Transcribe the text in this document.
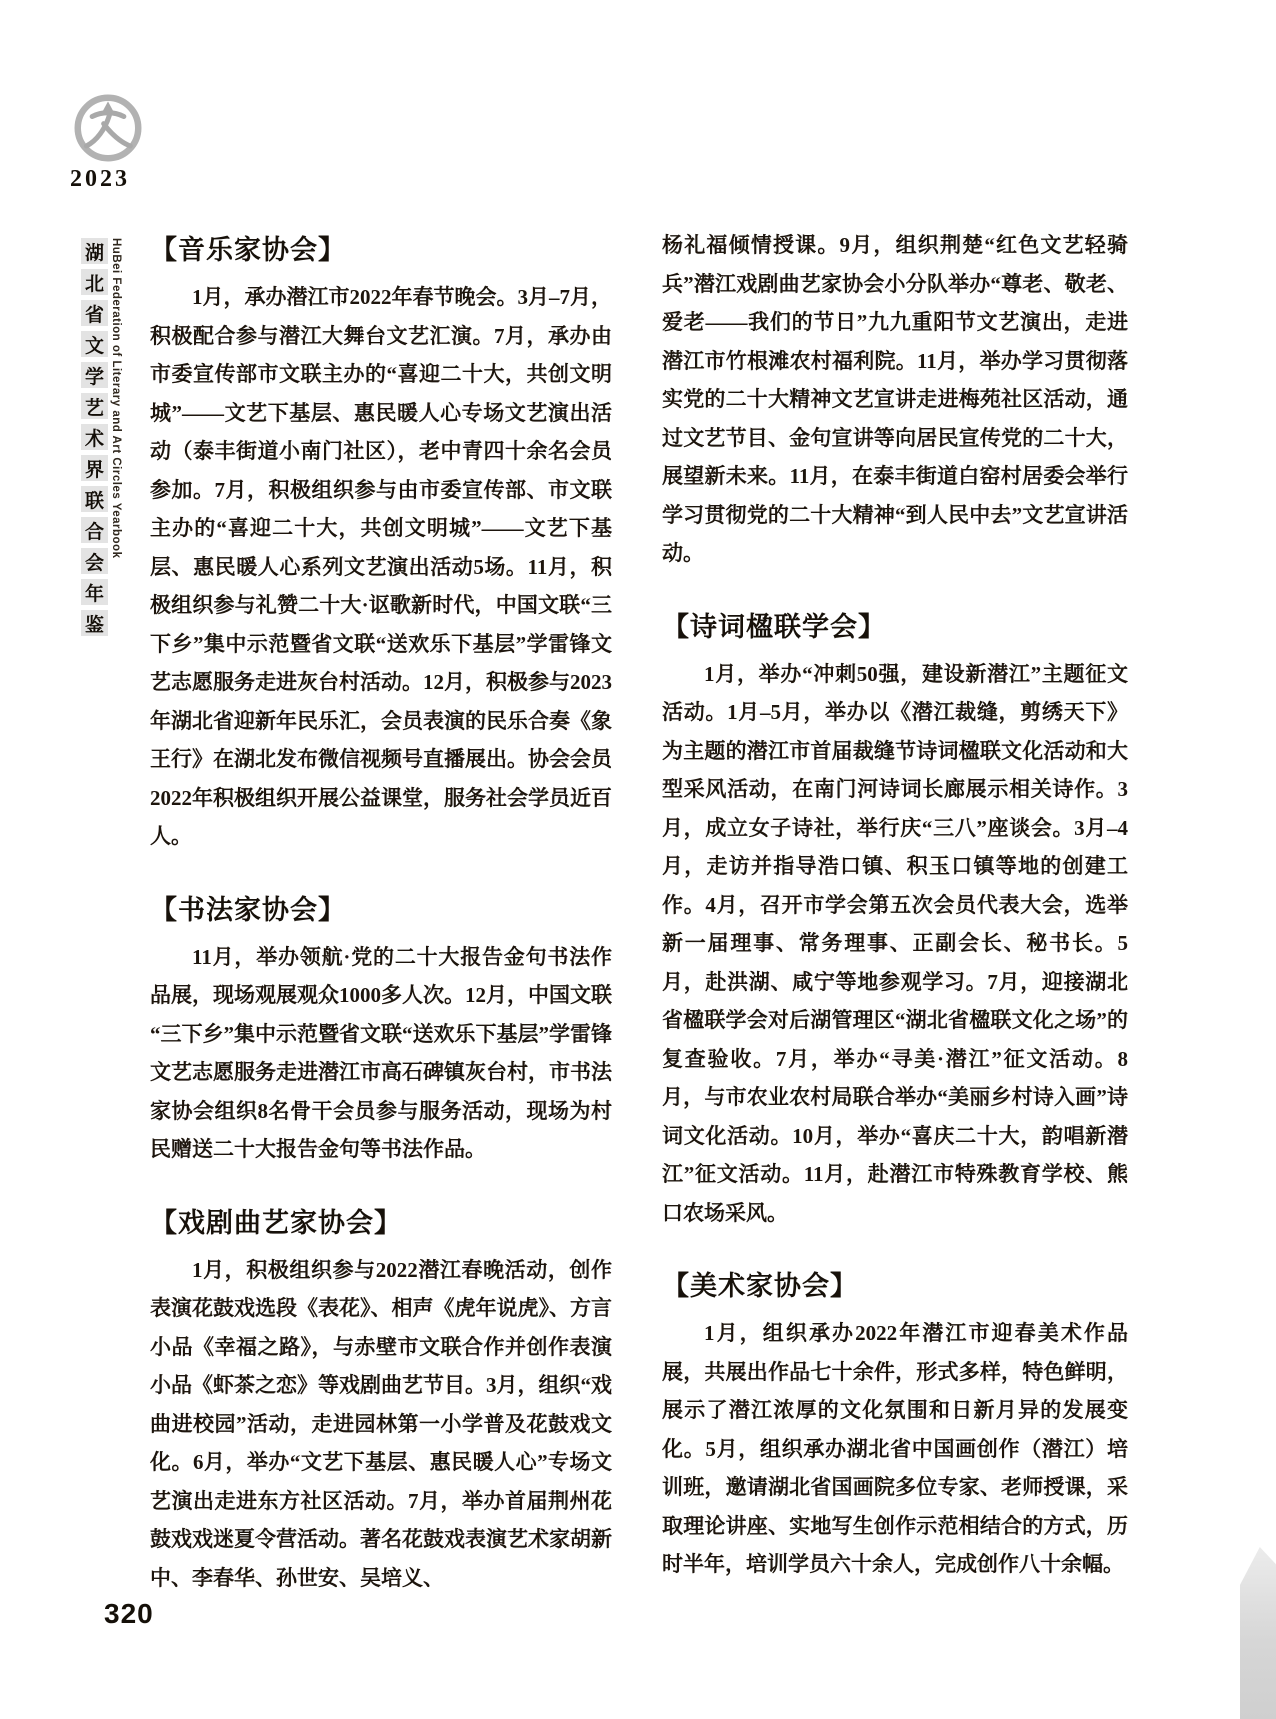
2023
湖
北
省
文
学
艺
术
界
联
合
会
年
鉴
HuBei Federation of Literary and Art Circles Yearbook 【音乐家协会】

1月，承办潜江市2022年春节晚会。3月–7月，积极配合参与潜江大舞台文艺汇演。7月，承办由市委宣传部市文联主办的“喜迎二十大，共创文明城”——文艺下基层、惠民暖人心专场文艺演出活动（泰丰街道小南门社区），老中青四十余名会员参加。7月，积极组织参与由市委宣传部、市文联主办的“喜迎二十大，共创文明城”——文艺下基层、惠民暖人心系列文艺演出活动5场。11月，积极组织参与礼赞二十大·讴歌新时代，中国文联“三下乡”集中示范暨省文联“送欢乐下基层”学雷锋文艺志愿服务走进灰台村活动。12月，积极参与2023年湖北省迎新年民乐汇，会员表演的民乐合奏《象王行》在湖北发布微信视频号直播展出。协会会员2022年积极组织开展公益课堂，服务社会学员近百人。

【书法家协会】

11月，举办领航·党的二十大报告金句书法作品展，现场观展观众1000多人次。12月，中国文联“三下乡”集中示范暨省文联“送欢乐下基层”学雷锋文艺志愿服务走进潜江市高石碑镇灰台村，市书法家协会组织8名骨干会员参与服务活动，现场为村民赠送二十大报告金句等书法作品。

【戏剧曲艺家协会】

1月，积极组织参与2022潜江春晚活动，创作表演花鼓戏选段《表花》、相声《虎年说虎》、方言小品《幸福之路》，与赤壁市文联合作并创作表演小品《虾茶之恋》等戏剧曲艺节目。3月，组织“戏曲进校园”活动，走进园林第一小学普及花鼓戏文化。6月，举办“文艺下基层、惠民暖人心”专场文艺演出走进东方社区活动。7月，举办首届荆州花鼓戏戏迷夏令营活动。著名花鼓戏表演艺术家胡新中、李春华、孙世安、吴培义、

杨礼福倾情授课。9月，组织荆楚“红色文艺轻骑兵”潜江戏剧曲艺家协会小分队举办“尊老、敬老、爱老——我们的节日”九九重阳节文艺演出，走进潜江市竹根滩农村福利院。11月，举办学习贯彻落实党的二十大精神文艺宣讲走进梅苑社区活动，通过文艺节目、金句宣讲等向居民宣传党的二十大，展望新未来。11月，在泰丰街道白窑村居委会举行学习贯彻党的二十大精神“到人民中去”文艺宣讲活动。

【诗词楹联学会】

1月，举办“冲刺50强，建设新潜江”主题征文活动。1月–5月，举办以《潜江裁缝，剪绣天下》为主题的潜江市首届裁缝节诗词楹联文化活动和大型采风活动，在南门河诗词长廊展示相关诗作。3月，成立女子诗社，举行庆“三八”座谈会。3月–4月，走访并指导浩口镇、积玉口镇等地的创建工作。4月，召开市学会第五次会员代表大会，选举新一届理事、常务理事、正副会长、秘书长。5月，赴洪湖、咸宁等地参观学习。7月，迎接湖北省楹联学会对后湖管理区“湖北省楹联文化之场”的复查验收。7月，举办“寻美·潜江”征文活动。8月，与市农业农村局联合举办“美丽乡村诗入画”诗词文化活动。10月，举办“喜庆二十大，韵唱新潜江”征文活动。11月，赴潜江市特殊教育学校、熊口农场采风。

【美术家协会】

1月，组织承办2022年潜江市迎春美术作品展，共展出作品七十余件，形式多样，特色鲜明，展示了潜江浓厚的文化氛围和日新月异的发展变化。5月，组织承办湖北省中国画创作（潜江）培训班，邀请湖北省国画院多位专家、老师授课，采取理论讲座、实地写生创作示范相结合的方式，历时半年，培训学员六十余人，完成创作八十余幅。

320
